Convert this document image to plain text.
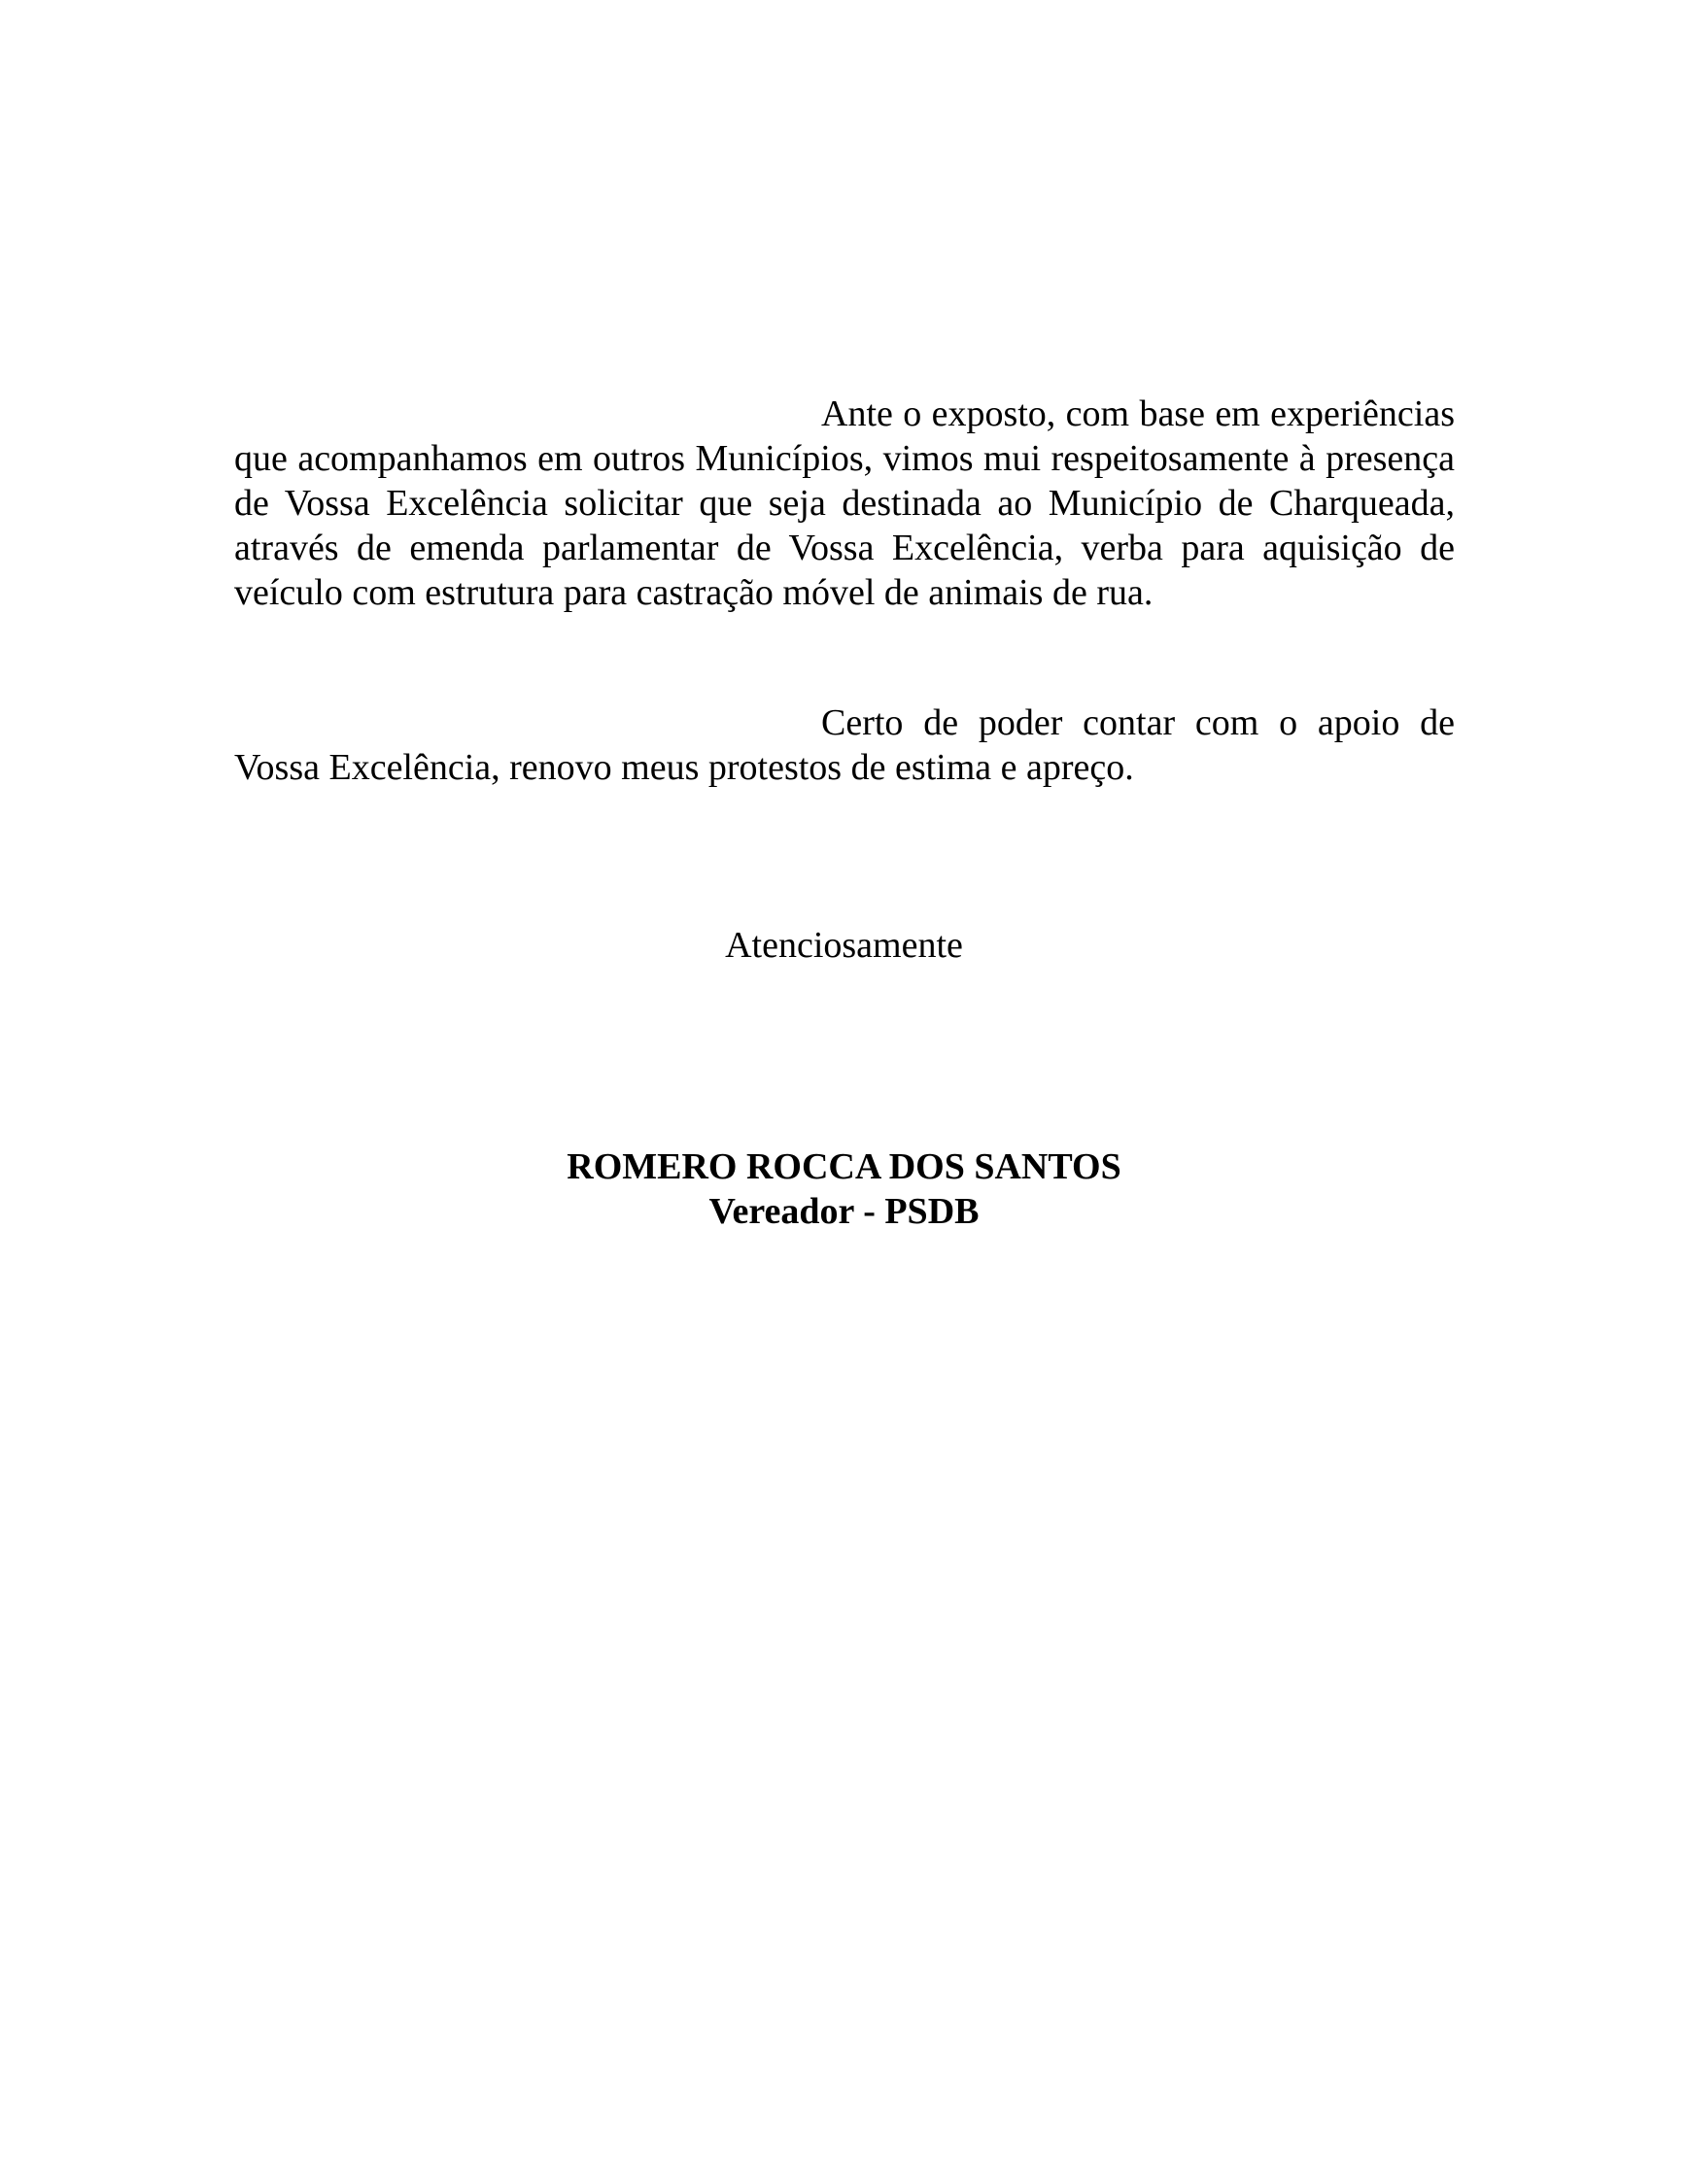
Ante o exposto, com base em experiências que acompanhamos em outros Municípios, vimos mui respeitosamente à presença de Vossa Excelência solicitar que seja destinada ao Município de Charqueada, através de emenda parlamentar de Vossa Excelência, verba para aquisição de veículo com estrutura para castração móvel de animais de rua.

Certo de poder contar com o apoio de Vossa Excelência, renovo meus protestos de estima e apreço.

Atenciosamente
ROMERO ROCCA DOS SANTOS
Vereador - PSDB
